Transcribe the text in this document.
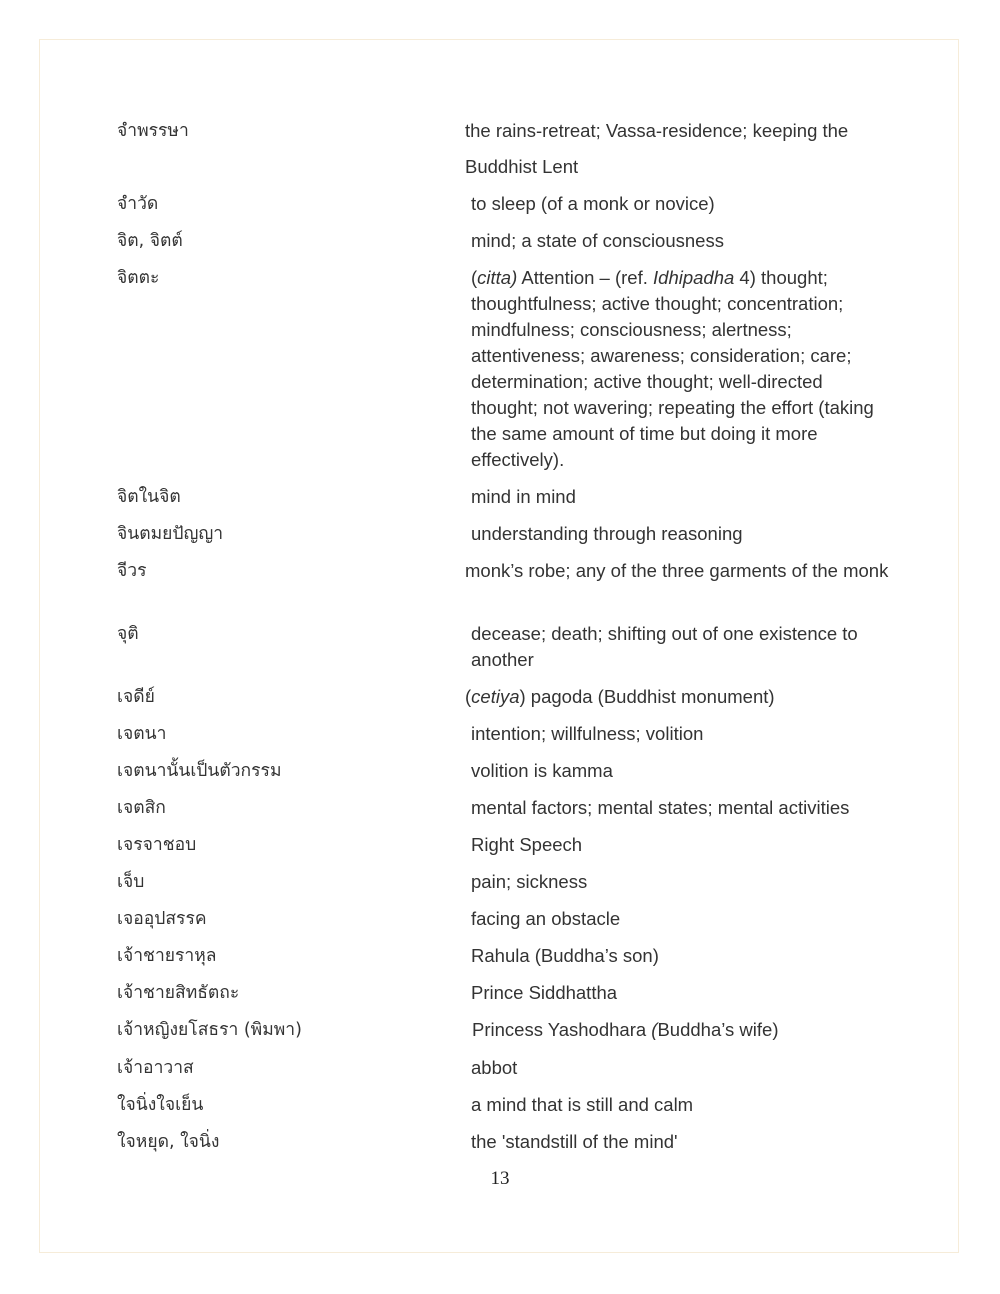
จำพรรษา	the rains-retreat; Vassa-residence; keeping the
Buddhist Lent
จำวัด	to sleep (of a monk or novice)
จิต, จิตต์	mind; a state of consciousness
จิตตะ	(citta) Attention – (ref. Idhipadha 4) thought; thoughtfulness; active thought; concentration; mindfulness; consciousness; alertness; attentiveness; awareness; consideration; care; determination; active thought; well-directed thought; not wavering; repeating the effort (taking the same amount of time but doing it more effectively).
จิตในจิต	mind in mind
จินตมยปัญญา	understanding through reasoning
จีวร	monk’s robe; any of the three garments of the monk
จุติ	decease; death; shifting out of one existence to another
เจดีย์	(cetiya) pagoda (Buddhist monument)
เจตนา	intention; willfulness; volition
เจตนานั้นเป็นตัวกรรม	volition is kamma
เจตสิก	mental factors; mental states; mental activities
เจรจาชอบ	Right Speech
เจ็บ	pain; sickness
เจออุปสรรค	facing an obstacle
เจ้าชายราหุล	Rahula (Buddha’s son)
เจ้าชายสิทธัตถะ	Prince Siddhattha
เจ้าหญิงยโสธรา (พิมพา)	Princess Yashodhara (Buddha’s wife)
เจ้าอาวาส	abbot
ใจนิ่งใจเย็น	a mind that is still and calm
ใจหยุด, ใจนิ่ง	the 'standstill of the mind'
13
